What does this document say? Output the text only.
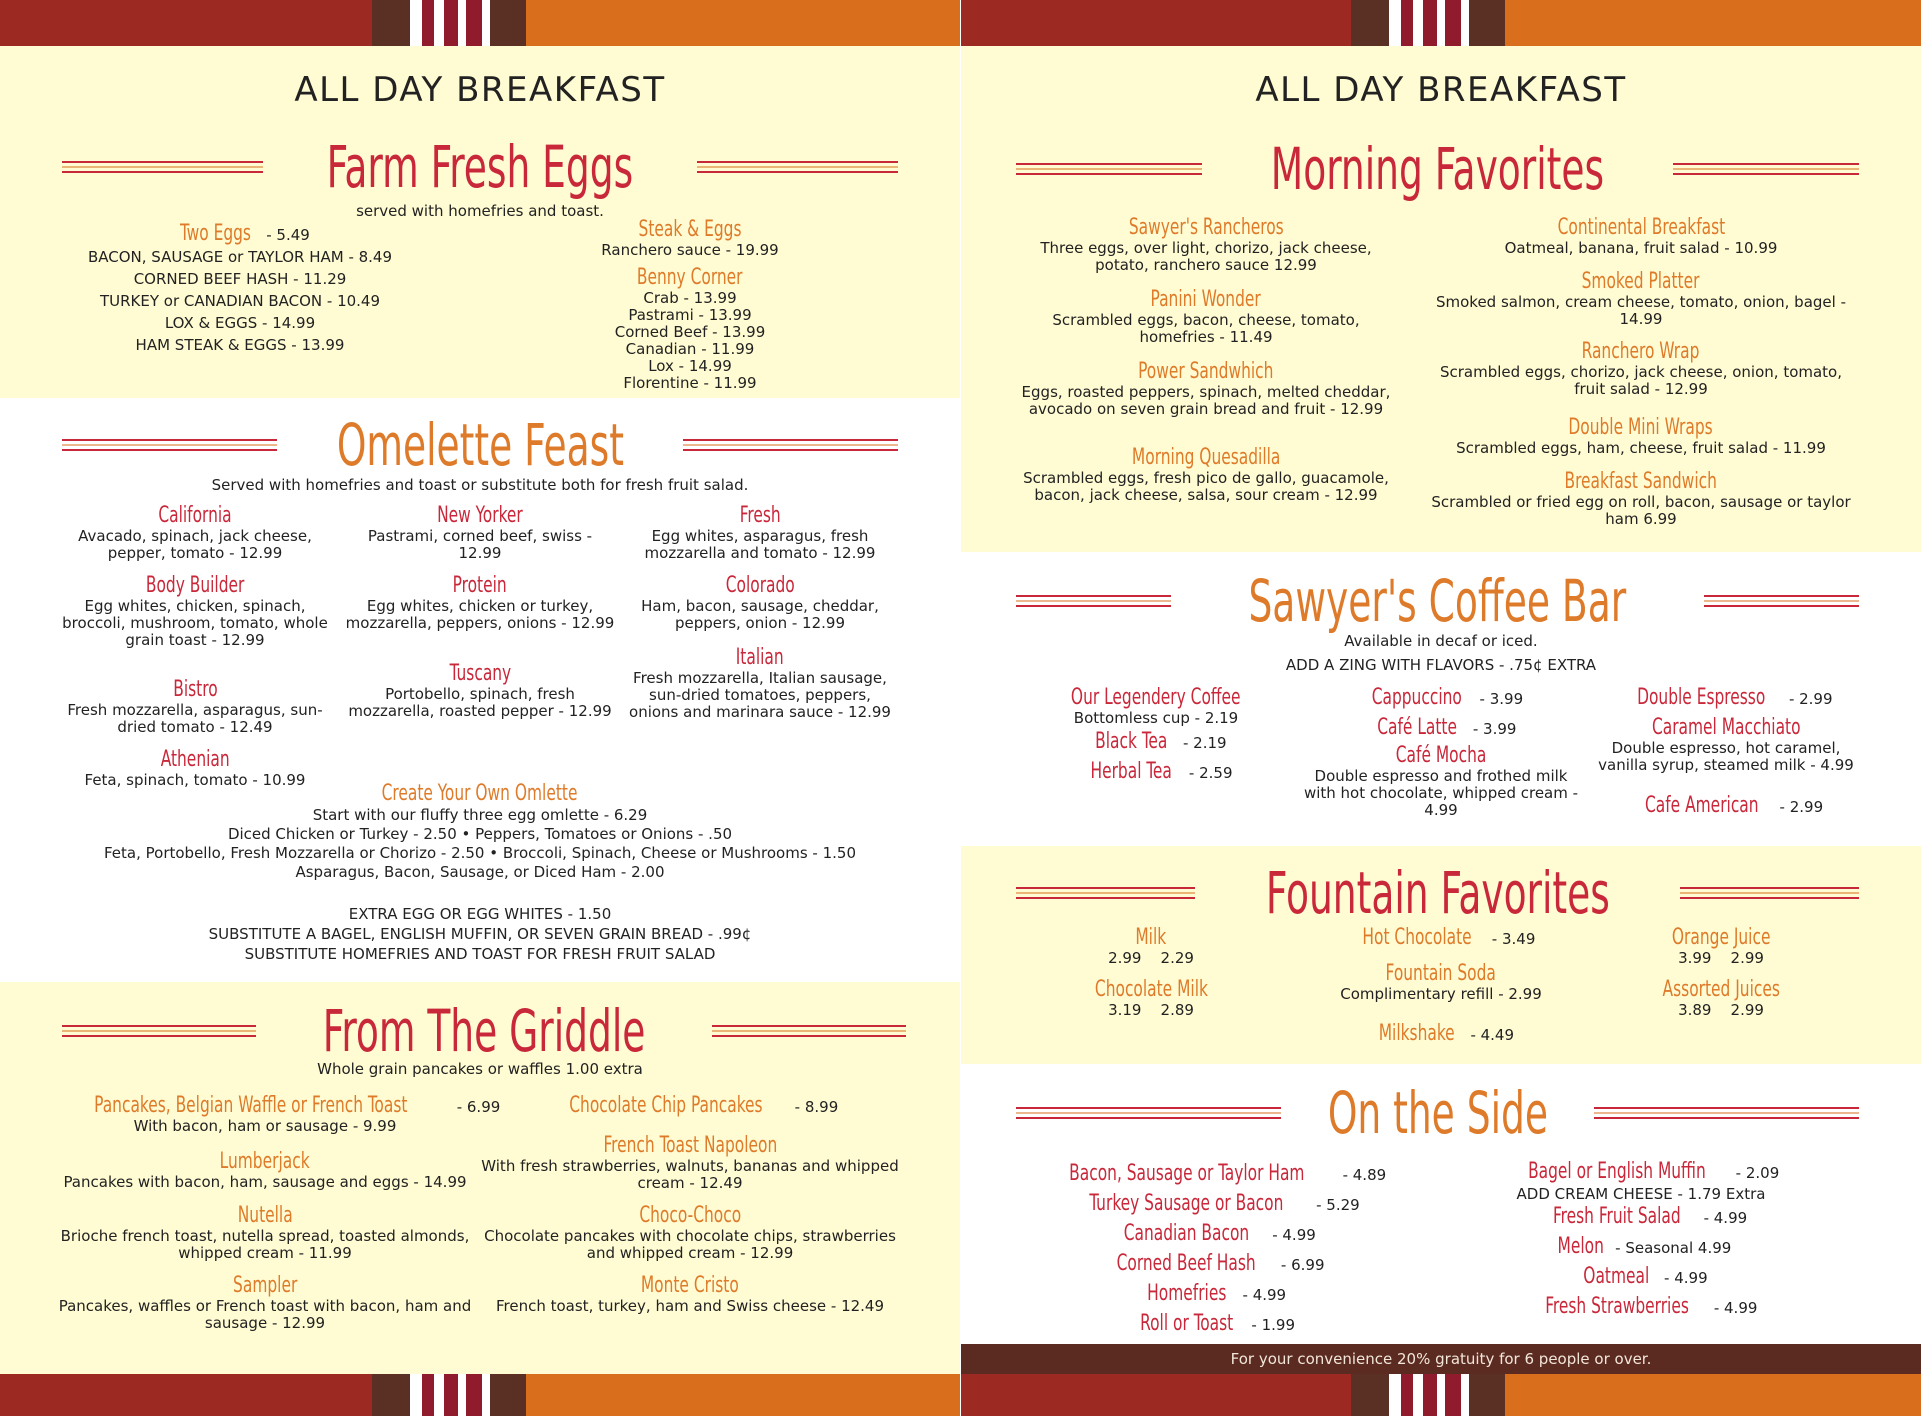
ALL DAY BREAKFAST
Farm Fresh Eggs
served with homefries and toast.
Two Eggs - 5.49
BACON, SAUSAGE or TAYLOR HAM - 8.49
CORNED BEEF HASH - 11.29
TURKEY or CANADIAN BACON - 10.49
LOX & EGGS - 14.99
HAM STEAK & EGGS - 13.99
Steak & Eggs
Ranchero sauce - 19.99
Benny Corner
Crab - 13.99
Pastrami - 13.99
Corned Beef - 13.99
Canadian - 11.99
Lox - 14.99
Florentine - 11.99
Omelette Feast
Served with homefries and toast or substitute both for fresh fruit salad.
California
Avacado, spinach, jack cheese, pepper, tomato - 12.99
New Yorker
Pastrami, corned beef, swiss - 12.99
Fresh
Egg whites, asparagus, fresh mozzarella and tomato - 12.99
Body Builder
Egg whites, chicken, spinach, broccoli, mushroom, tomato, whole grain toast - 12.99
Protein
Egg whites, chicken or turkey, mozzarella, peppers, onions - 12.99
Colorado
Ham, bacon, sausage, cheddar, peppers, onion - 12.99
Bistro
Fresh mozzarella, asparagus, sun-dried tomato - 12.49
Tuscany
Portobello, spinach, fresh mozzarella, roasted pepper - 12.99
Italian
Fresh mozzarella, Italian sausage, sun-dried tomatoes, peppers, onions and marinara sauce - 12.99
Athenian
Feta, spinach, tomato - 10.99
Create Your Own Omlette
Start with our fluffy three egg omlette - 6.29
Diced Chicken or Turkey - 2.50 • Peppers, Tomatoes or Onions - .50
Feta, Portobello, Fresh Mozzarella or Chorizo - 2.50 • Broccoli, Spinach, Cheese or Mushrooms - 1.50
Asparagus, Bacon, Sausage, or Diced Ham - 2.00
EXTRA EGG OR EGG WHITES - 1.50
SUBSTITUTE A BAGEL, ENGLISH MUFFIN, OR SEVEN GRAIN BREAD - .99¢
SUBSTITUTE HOMEFRIES AND TOAST FOR FRESH FRUIT SALAD
From The Griddle
Whole grain pancakes or waffles 1.00 extra
Pancakes, Belgian Waffle or French Toast	- 6.99
With bacon, ham or sausage - 9.99
Chocolate Chip Pancakes - 8.99
Lumberjack
Pancakes with bacon, ham, sausage and eggs - 14.99
French Toast Napoleon
With fresh strawberries, walnuts, bananas and whipped cream - 12.49
Nutella
Brioche french toast, nutella spread, toasted almonds, whipped cream - 11.99
Choco-Choco
Chocolate pancakes with chocolate chips, strawberries and whipped cream - 12.99
Sampler
Pancakes, waffles or French toast with bacon, ham and sausage - 12.99
Monte Cristo
French toast, turkey, ham and Swiss cheese - 12.49
ALL DAY BREAKFAST
Morning Favorites
Sawyer's Rancheros
Three eggs, over light, chorizo, jack cheese, potato, ranchero sauce 12.99
Continental Breakfast
Oatmeal, banana, fruit salad - 10.99
Panini Wonder
Scrambled eggs, bacon, cheese, tomato, homefries - 11.49
Smoked Platter
Smoked salmon, cream cheese, tomato, onion, bagel - 14.99
Power Sandwhich
Eggs, roasted peppers, spinach, melted cheddar, avocado on seven grain bread and fruit - 12.99
Ranchero Wrap
Scrambled eggs, chorizo, jack cheese, onion, tomato, fruit salad - 12.99
Double Mini Wraps
Scrambled eggs, ham, cheese, fruit salad - 11.99
Morning Quesadilla
Scrambled eggs, fresh pico de gallo, guacamole, bacon, jack cheese, salsa, sour cream - 12.99
Breakfast Sandwich
Scrambled or fried egg on roll, bacon, sausage or taylor ham 6.99
Sawyer's Coffee Bar
Available in decaf or iced.
ADD A ZING WITH FLAVORS - .75¢ EXTRA
Our Legendery Coffee
Bottomless cup - 2.19
Black Tea - 2.19
Herbal Tea - 2.59
Cappuccino - 3.99
Café Latte - 3.99
Café Mocha
Double espresso and frothed milk with hot chocolate, whipped cream - 4.99
Double Espresso - 2.99
Caramel Macchiato
Double espresso, hot caramel, vanilla syrup, steamed milk - 4.99
Cafe American - 2.99
Fountain Favorites
Milk
2.99    2.29
Chocolate Milk
3.19    2.89
Hot Chocolate - 3.49
Fountain Soda
Complimentary refill - 2.99
Milkshake - 4.49
Orange Juice
3.99    2.99
Assorted Juices
3.89    2.99
On the Side
Bacon, Sausage or Taylor Ham	- 4.89
Turkey Sausage or Bacon - 5.29
Canadian Bacon - 4.99
Corned Beef Hash - 6.99
Homefries - 4.99
Roll or Toast - 1.99
Bagel or English Muffin - 2.09
ADD CREAM CHEESE - 1.79 Extra
Fresh Fruit Salad - 4.99
Melon - Seasonal 4.99
Oatmeal - 4.99
Fresh Strawberries - 4.99
For your convenience 20% gratuity for 6 people or over.
